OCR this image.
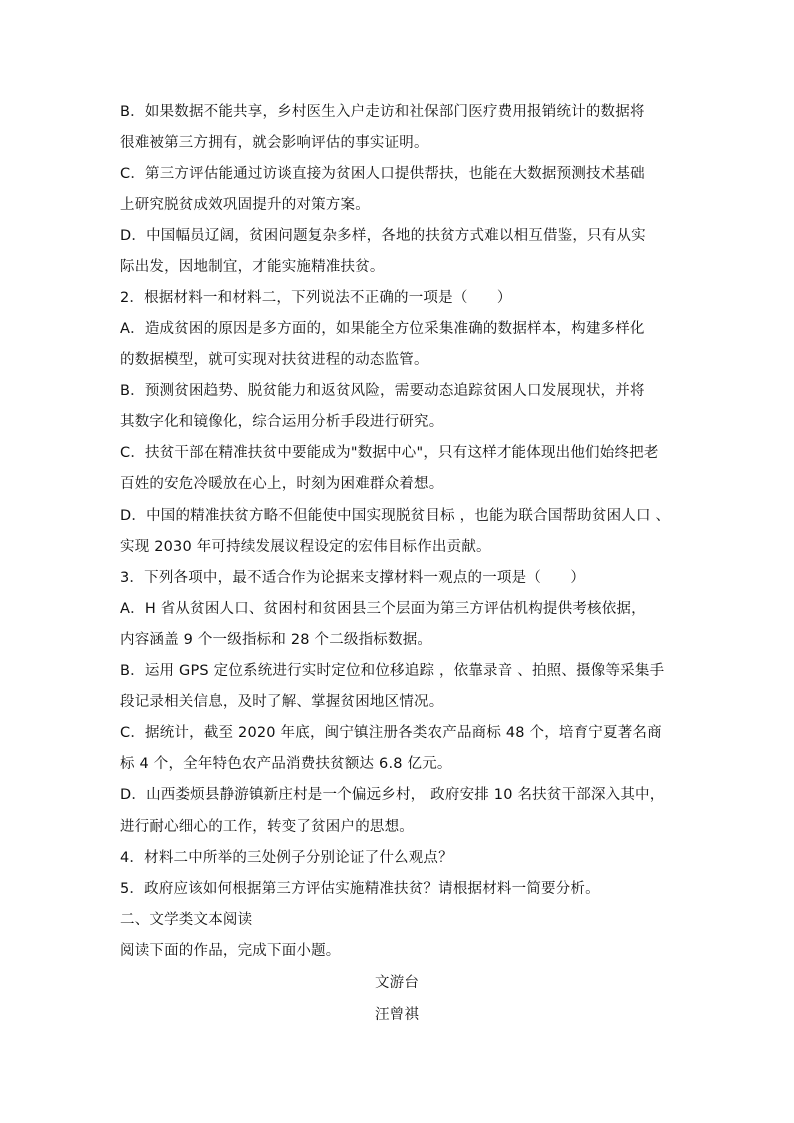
B．如果数据不能共享，乡村医生入户走访和社保部门医疗费用报销统计的数据将
很难被第三方拥有，就会影响评估的事实证明。
C．第三方评估能通过访谈直接为贫困人口提供帮扶，也能在大数据预测技术基础
上研究脱贫成效巩固提升的对策方案。
D．中国幅员辽阔，贫困问题复杂多样，各地的扶贫方式难以相互借鉴，只有从实
际出发，因地制宜，才能实施精准扶贫。
2．根据材料一和材料二，下列说法不正确的一项是（　　）
A．造成贫困的原因是多方面的，如果能全方位采集准确的数据样本，构建多样化
的数据模型，就可实现对扶贫进程的动态监管。
B．预测贫困趋势、脱贫能力和返贫风险，需要动态追踪贫困人口发展现状，并将
其数字化和镜像化，综合运用分析手段进行研究。
C．扶贫干部在精准扶贫中要能成为"数据中心"，只有这样才能体现出他们始终把老
百姓的安危冷暖放在心上，时刻为困难群众着想。
D．中国的精准扶贫方略不但能使中国实现脱贫目标 ，也能为联合国帮助贫困人口 、
实现 2030 年可持续发展议程设定的宏伟目标作出贡献。
3．下列各项中，最不适合作为论据来支撑材料一观点的一项是（　　）
A．H 省从贫困人口、贫困村和贫困县三个层面为第三方评估机构提供考核依据，
内容涵盖 9 个一级指标和 28 个二级指标数据。
B．运用 GPS 定位系统进行实时定位和位移追踪 ，依靠录音 、拍照、摄像等采集手
段记录相关信息，及时了解、掌握贫困地区情况。
C．据统计，截至 2020 年底，闽宁镇注册各类农产品商标 48 个，培育宁夏著名商
标 4 个，全年特色农产品消费扶贫额达 6.8 亿元。
D．山西娄烦县静游镇新庄村是一个偏远乡村， 政府安排 10 名扶贫干部深入其中，
进行耐心细心的工作，转变了贫困户的思想。
4．材料二中所举的三处例子分别论证了什么观点？
5．政府应该如何根据第三方评估实施精准扶贫？请根据材料一简要分析。
二、文学类文本阅读
阅读下面的作品，完成下面小题。
文游台
汪曾祺
